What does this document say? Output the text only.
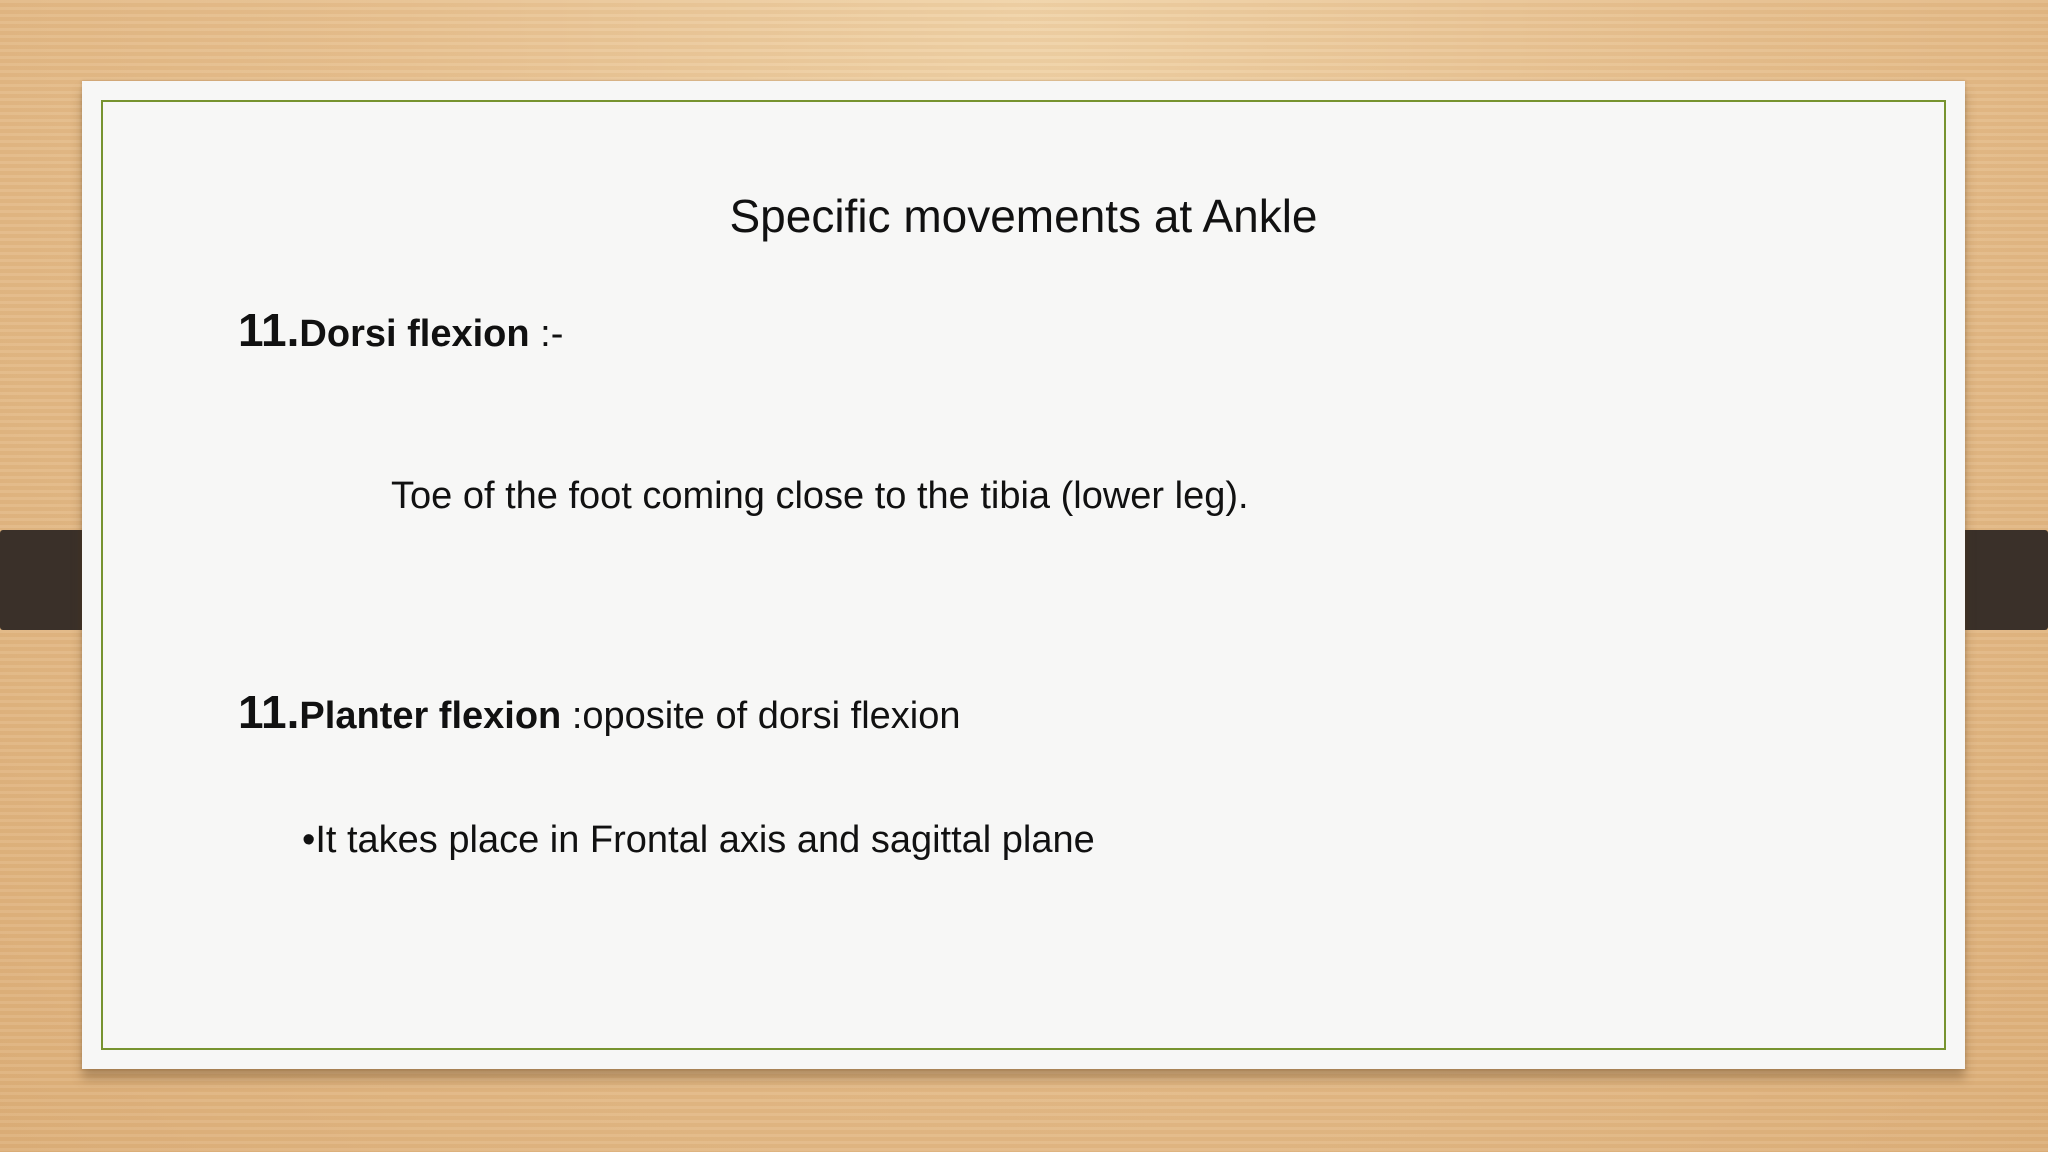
Specific movements at Ankle
11.Dorsi flexion :-
Toe of the foot coming close to the tibia (lower leg).
11.Planter flexion :oposite of dorsi flexion
•It takes place in Frontal axis and sagittal plane
